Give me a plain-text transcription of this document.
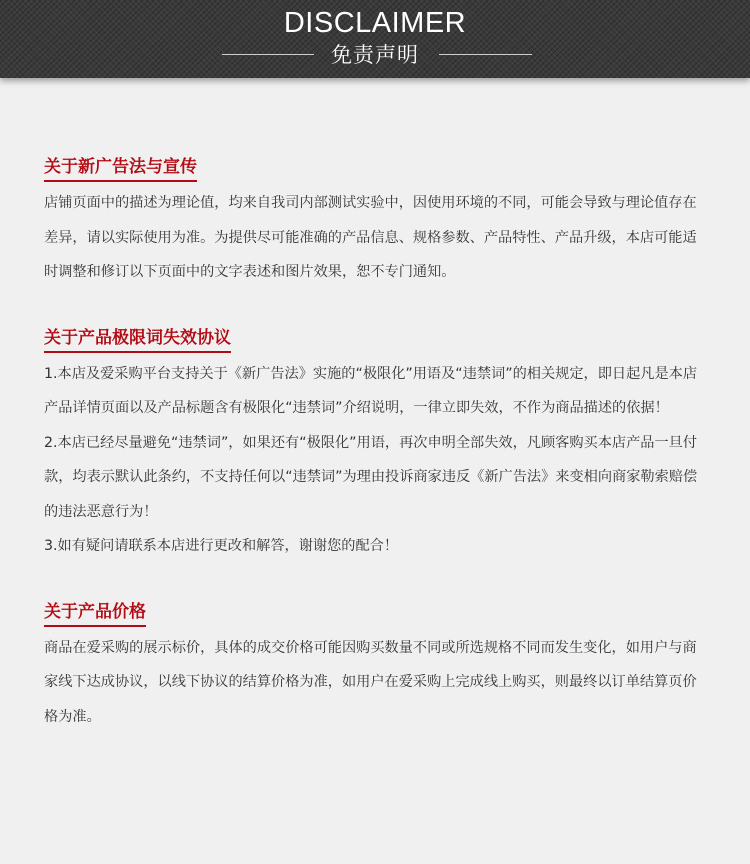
DISCLAIMER
免责声明
关于新广告法与宣传

店铺页面中的描述为理论值，均来自我司内部测试实验中，因使用环境的不同，可能会导致与理论值存在差异，请以实际使用为准。为提供尽可能准确的产品信息、规格参数、产品特性、产品升级，本店可能适时调整和修订以下页面中的文字表述和图片效果，恕不专门通知。

关于产品极限词失效协议

1.本店及爱采购平台支持关于《新广告法》实施的“极限化”用语及“违禁词”的相关规定，即日起凡是本店产品详情页面以及产品标题含有极限化“违禁词”介绍说明，一律立即失效，不作为商品描述的依据！

2.本店已经尽量避免“违禁词”，如果还有“极限化”用语，再次申明全部失效，凡顾客购买本店产品一旦付款，均表示默认此条约，不支持任何以“违禁词”为理由投诉商家违反《新广告法》来变相向商家勒索赔偿的违法恶意行为！

3.如有疑问请联系本店进行更改和解答，谢谢您的配合！

关于产品价格

商品在爱采购的展示标价，具体的成交价格可能因购买数量不同或所选规格不同而发生变化，如用户与商家线下达成协议，以线下协议的结算价格为准，如用户在爱采购上完成线上购买，则最终以订单结算页价格为准。
